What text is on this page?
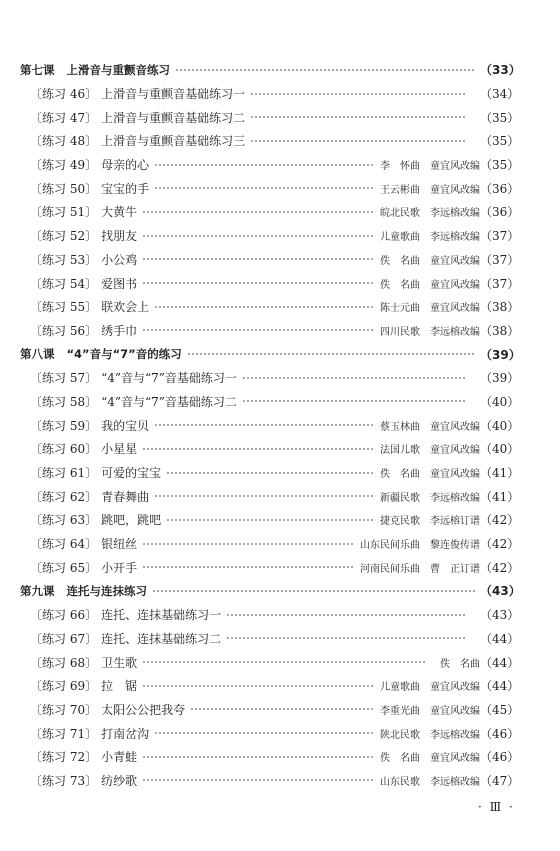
第七课 上滑音与重颤音练习	（33）
〔练习 46〕 上滑音与重颤音基础练习一	（34）
〔练习 47〕 上滑音与重颤音基础练习二	（35）
〔练习 48〕 上滑音与重颤音基础练习三	（35）
〔练习 49〕 母亲的心	李　怀曲 童宜风改编 （35）
〔练习 50〕 宝宝的手	王云彬曲 童宜风改编 （36）
〔练习 51〕 大黄牛	皖北民歌 李远榕改编 （36）
〔练习 52〕 找朋友	儿童歌曲 李远榕改编 （37）
〔练习 53〕 小公鸡	佚　名曲 童宜风改编 （37）
〔练习 54〕 爱图书	佚　名曲 童宜风改编 （37）
〔练习 55〕 联欢会上	陈士元曲 童宜风改编 （38）
〔练习 56〕 绣手巾	四川民歌 李远榕改编 （38）
第八课 “4”音与“7”音的练习	（39）
〔练习 57〕 “4”音与“7”音基础练习一	（39）
〔练习 58〕 “4”音与“7”音基础练习二	（40）
〔练习 59〕 我的宝贝	蔡玉林曲 童宜风改编 （40）
〔练习 60〕 小星星	法国儿歌 童宜风改编 （40）
〔练习 61〕 可爱的宝宝	佚　名曲 童宜风改编 （41）
〔练习 62〕 青春舞曲	新疆民歌 李远榕改编 （41）
〔练习 63〕 跳吧，跳吧	捷克民歌 李远榕订谱 （42）
〔练习 64〕 银纽丝	山东民间乐曲 黎连俊传谱 （42）
〔练习 65〕 小开手	河南民间乐曲 曹　正订谱 （42）
第九课 连托与连抹练习	（43）
〔练习 66〕 连托、连抹基础练习一	（43）
〔练习 67〕 连托、连抹基础练习二	（44）
〔练习 68〕 卫生歌	佚　名曲 （44）
〔练习 69〕 拉　锯	儿童歌曲 童宜风改编 （44）
〔练习 70〕 太阳公公把我夸	李重光曲 童宜风改编 （45）
〔练习 71〕 打南岔沟	陕北民歌 李远榕改编 （46）
〔练习 72〕 小青蛙	佚　名曲 童宜风改编 （46）
〔练习 73〕 纺纱歌	山东民歌 李远榕改编 （47）
· Ⅲ ·
